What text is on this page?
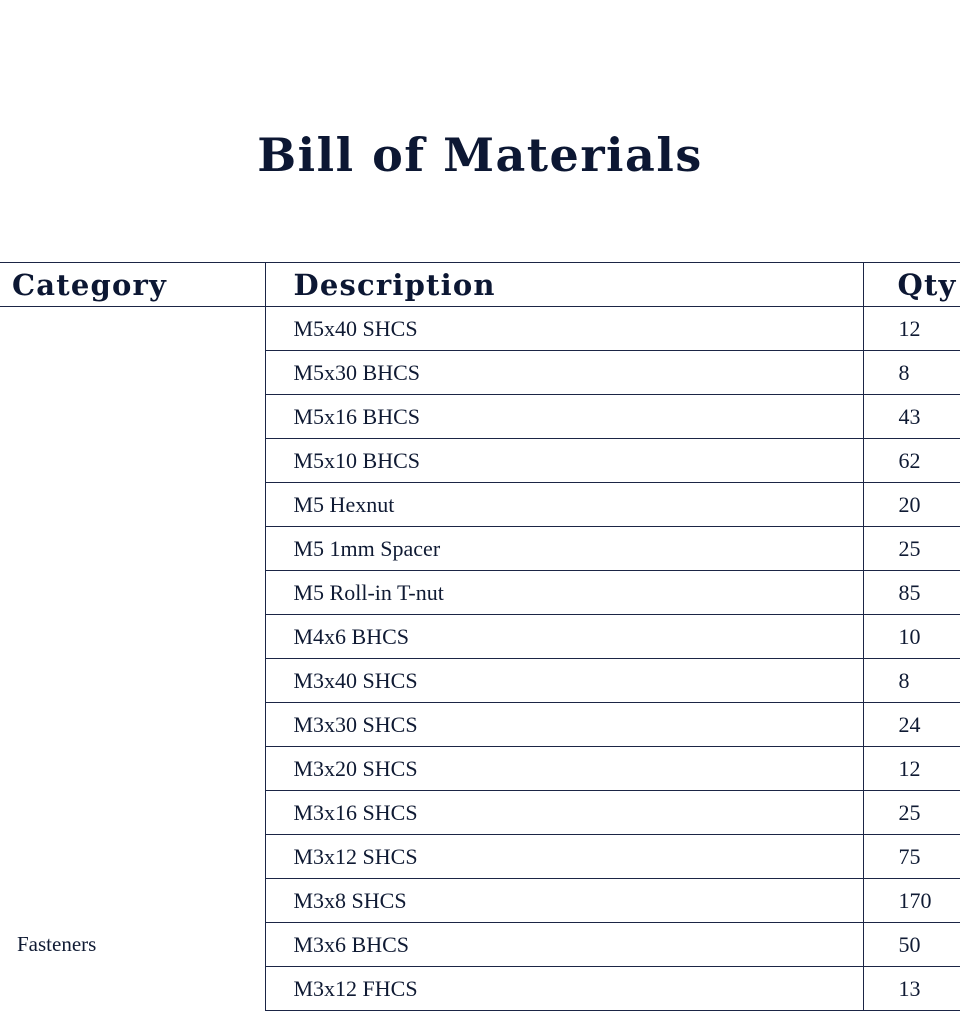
Bill of Materials
Category	Description	Qty
	M5x40 SHCS	12
	M5x30 BHCS	8
	M5x16 BHCS	43
	M5x10 BHCS	62
	M5 Hexnut	20
	M5 1mm Spacer	25
	M5 Roll-in T-nut	85
	M4x6 BHCS	10
	M3x40 SHCS	8
	M3x30 SHCS	24
	M3x20 SHCS	12
	M3x16 SHCS	25
	M3x12 SHCS	75
	M3x8 SHCS	170
Fasteners	M3x6 BHCS	50
	M3x12 FHCS	13
